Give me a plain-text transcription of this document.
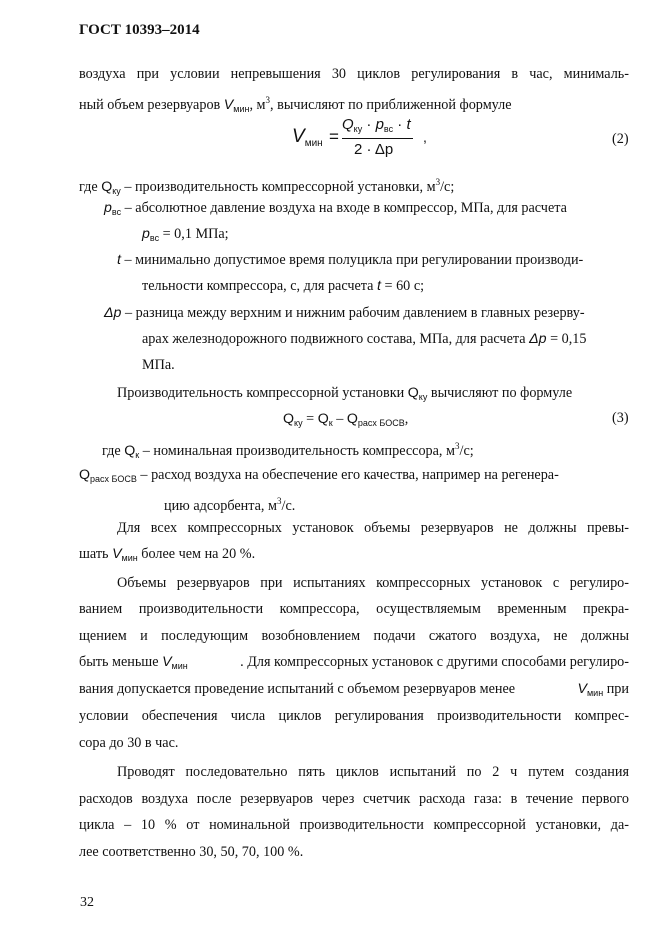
ГОСТ 10393–2014
воздуха при условии непревышения 30 циклов регулирования в час, минималь-
ный объем резервуаров $V_{мин}$, $м^3$, вычисляют по приближенной формуле
$V_{мин}$ =
$Q_{ку} \cdot p_{вс} \cdot t$
2 · Δp
,	(2)
где $Q_{ку}$ – производительность компрессорной установки, $м^3/с$;
$p_{вс}$ – абсолютное давление воздуха на входе в компрессор, МПа, для расчета
$p_{вс} = 0,1$ МПа;
t – минимально допустимое время полуцикла при регулировании производи-
тельности компрессора, с, для расчета t = 60 с;
Δp – разница между верхним и нижним рабочим давлением в главных резерву-
арах железнодорожного подвижного состава, МПа, для расчета Δp = 0,15
МПа.
Производительность компрессорной установки $Q_{ку}$ вычисляют по формуле
$Q_{ку} = Q_к - Q_{расх БОСВ}$,	(3)
где $Q_к$ – номинальная производительность компрессора, $м^3/с$;
$Q_{расх БОСВ}$ – расход воздуха на обеспечение его качества, например на регенера-
цию адсорбента, $м^3/с$.
Для всех компрессорных установок объемы резервуаров не должны превы-
шать $V_{мин}$ более чем на 20 %.
Объемы резервуаров при испытаниях компрессорных установок с регулиро-
ванием производительности компрессора, осуществляемым временным прекра-
щением и последующим возобновлением подачи сжатого воздуха, не должны
быть меньше $V_{мин}$	. Для компрессорных установок с другими способами регулиро-
вания допускается проведение испытаний с объемом резервуаров менее	$V_{мин}$ при
условии обеспечения числа циклов регулирования производительности компрес-
сора до 30 в час.
Проводят последовательно пять циклов испытаний по 2 ч путем создания
расходов воздуха после резервуаров через счетчик расхода газа: в течение первого
цикла – 10 % от номинальной производительности компрессорной установки, да-
лее соответственно 30, 50, 70, 100 %.
32
